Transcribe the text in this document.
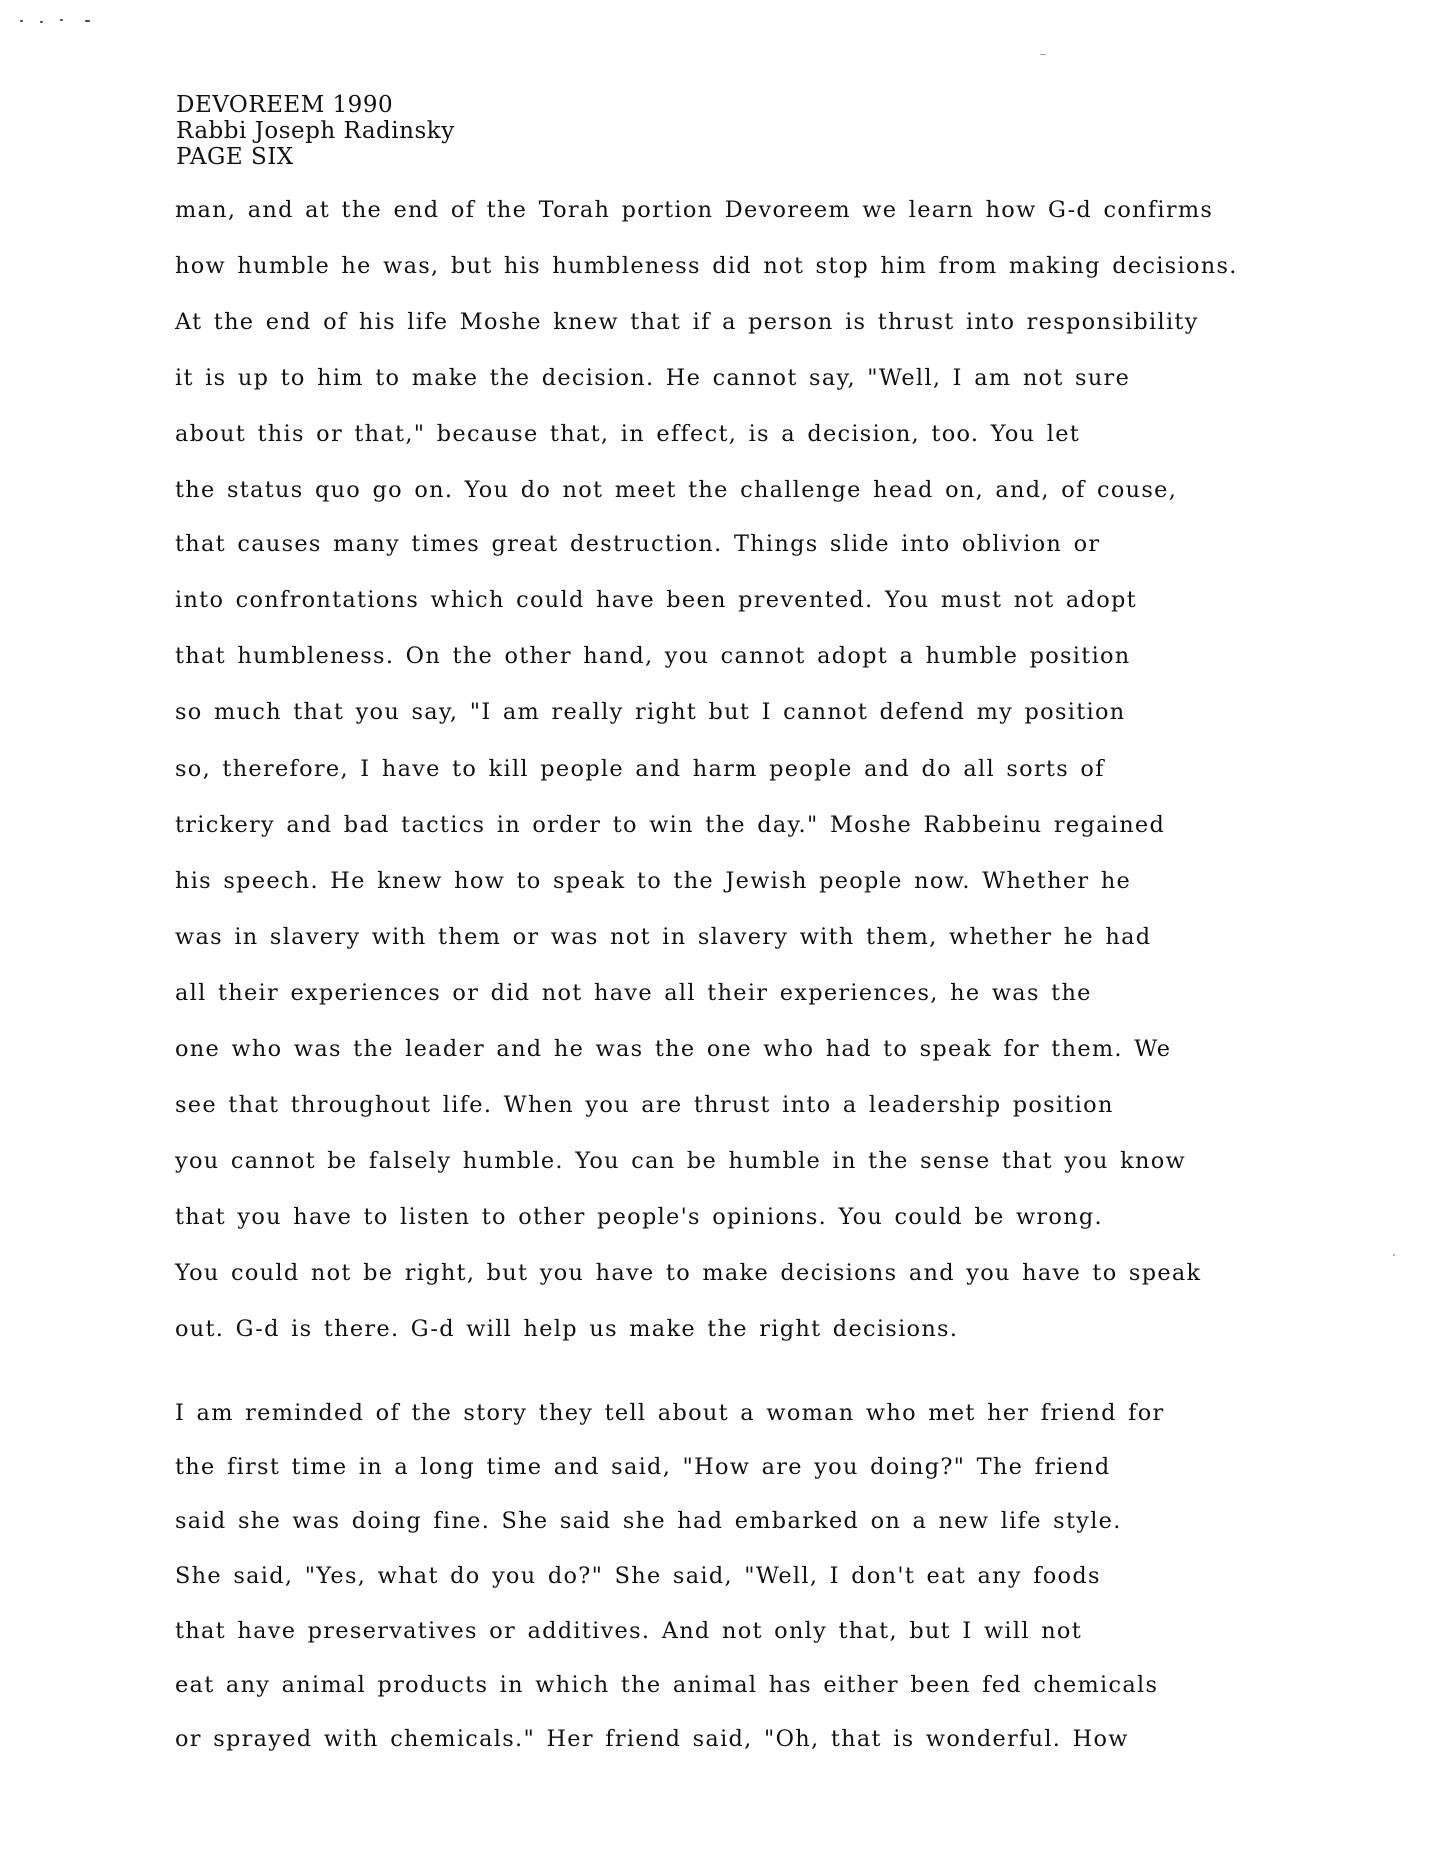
DEVOREEM 1990
Rabbi Joseph Radinsky
PAGE SIX
man, and at the end of the Torah portion Devoreem we learn how G-d confirms
how humble he was, but his humbleness did not stop him from making decisions.
At the end of his life Moshe knew that if a person is thrust into responsibility
it is up to him to make the decision. He cannot say, "Well, I am not sure
about this or that," because that, in effect, is a decision, too. You let
the status quo go on. You do not meet the challenge head on, and, of couse,
that causes many times great destruction. Things slide into oblivion or
into confrontations which could have been prevented. You must not adopt
that humbleness. On the other hand, you cannot adopt a humble position
so much that you say, "I am really right but I cannot defend my position
so, therefore, I have to kill people and harm people and do all sorts of
trickery and bad tactics in order to win the day." Moshe Rabbeinu regained
his speech. He knew how to speak to the Jewish people now. Whether he
was in slavery with them or was not in slavery with them, whether he had
all their experiences or did not have all their experiences, he was the
one who was the leader and he was the one who had to speak for them. We
see that throughout life. When you are thrust into a leadership position
you cannot be falsely humble. You can be humble in the sense that you know
that you have to listen to other people's opinions. You could be wrong.
You could not be right, but you have to make decisions and you have to speak
out. G-d is there. G-d will help us make the right decisions.
I am reminded of the story they tell about a woman who met her friend for
the first time in a long time and said, "How are you doing?" The friend
said she was doing fine. She said she had embarked on a new life style.
She said, "Yes, what do you do?" She said, "Well, I don't eat any foods
that have preservatives or additives. And not only that, but I will not
eat any animal products in which the animal has either been fed chemicals
or sprayed with chemicals." Her friend said, "Oh, that is wonderful. How
